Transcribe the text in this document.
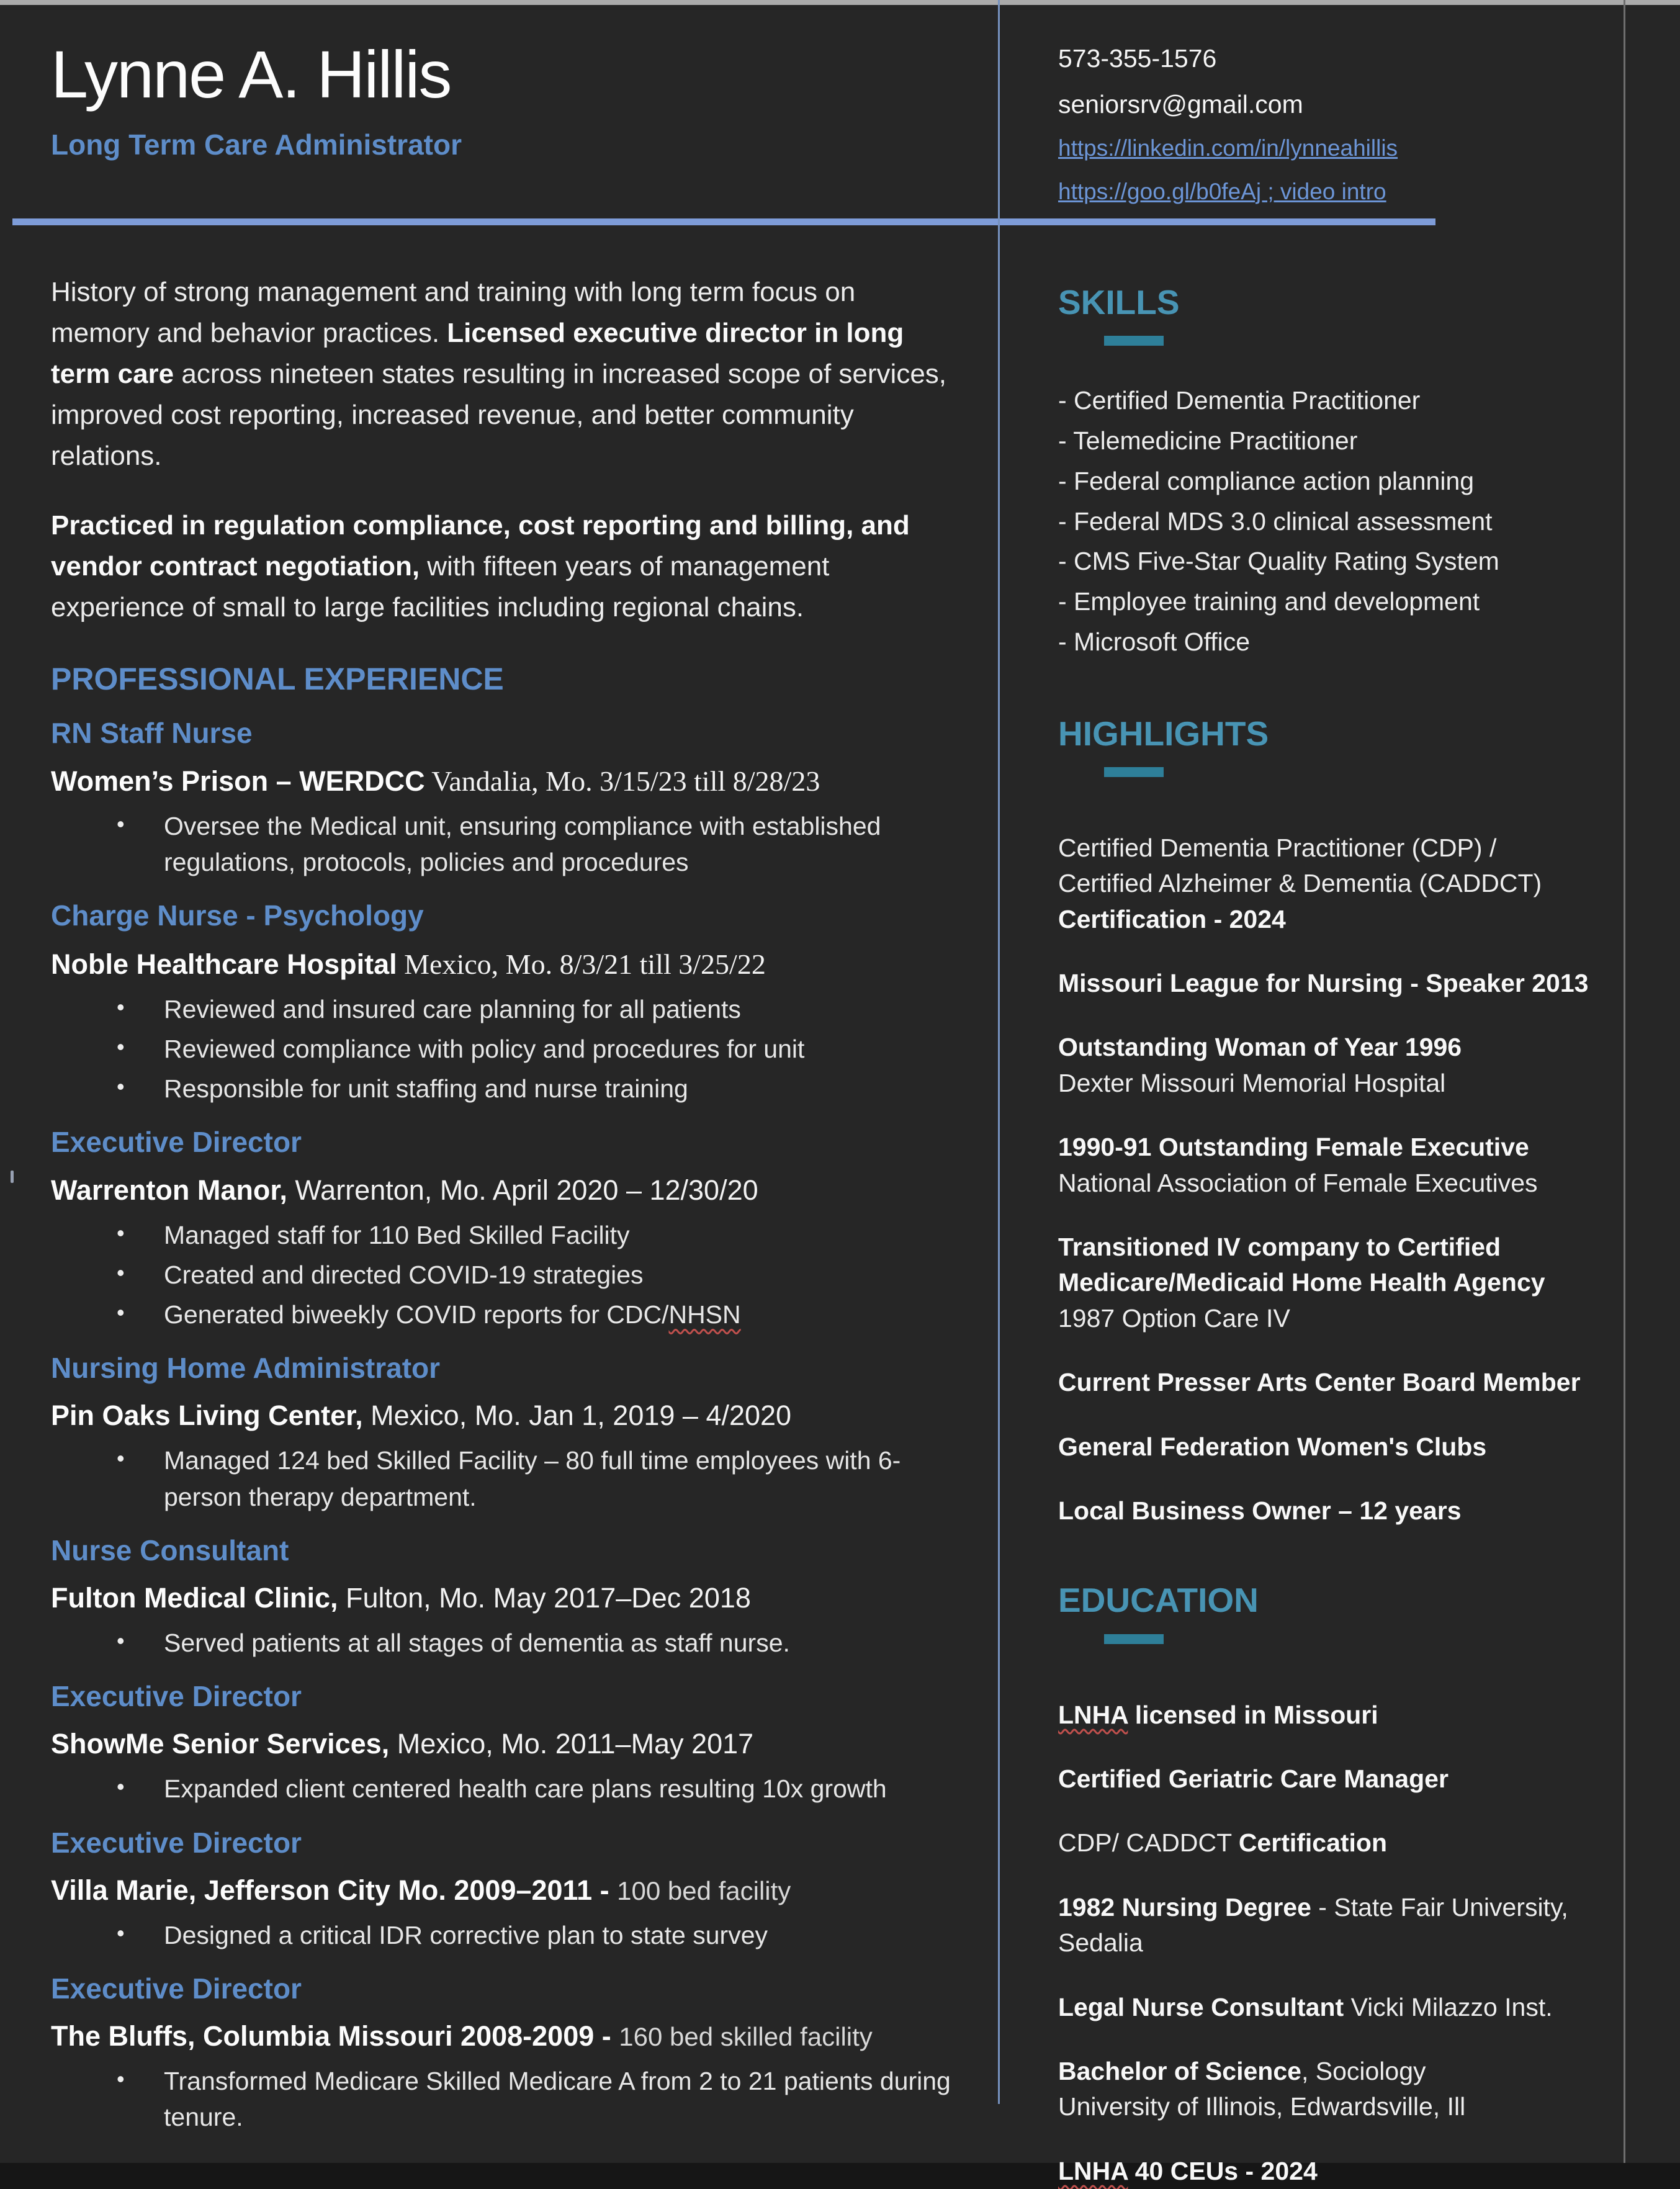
Lynne A. Hillis
Long Term Care Administrator
573-355-1576
seniorsrv@gmail.com
https://linkedin.com/in/lynneahillis
https://goo.gl/b0feAj ; video intro

History of strong management and training with long term focus on memory and behavior practices. Licensed executive director in long term care across nineteen states resulting in increased scope of services, improved cost reporting, increased revenue, and better community relations.

Practiced in regulation compliance, cost reporting and billing, and vendor contract negotiation, with fifteen years of management experience of small to large facilities including regional chains.

PROFESSIONAL EXPERIENCE
RN Staff Nurse
Women’s Prison – WERDCC Vandalia, Mo. 3/15/23 till 8/28/23
•	Oversee the Medical unit, ensuring compliance with established regulations, protocols, policies and procedures
Charge Nurse - Psychology
Noble Healthcare Hospital Mexico, Mo. 8/3/21 till 3/25/22
•	Reviewed and insured care planning for all patients
•	Reviewed compliance with policy and procedures for unit
•	Responsible for unit staffing and nurse training
Executive Director
Warrenton Manor, Warrenton, Mo. April 2020 – 12/30/20
•	Managed staff for 110 Bed Skilled Facility
•	Created and directed COVID-19 strategies
•	Generated biweekly COVID reports for CDC/NHSN
Nursing Home Administrator
Pin Oaks Living Center, Mexico, Mo. Jan 1, 2019 – 4/2020
•	Managed 124 bed Skilled Facility – 80 full time employees with 6-person therapy department.
Nurse Consultant
Fulton Medical Clinic, Fulton, Mo. May 2017–Dec 2018
•	Served patients at all stages of dementia as staff nurse.
Executive Director
ShowMe Senior Services, Mexico, Mo. 2011–May 2017
•	Expanded client centered health care plans resulting 10x growth
Executive Director
Villa Marie, Jefferson City Mo. 2009–2011 - 100 bed facility
•	Designed a critical IDR corrective plan to state survey
Executive Director
The Bluffs, Columbia Missouri 2008-2009 - 160 bed skilled facility
•	Transformed Medicare Skilled Medicare A from 2 to 21 patients during tenure.
SKILLS
- Certified Dementia Practitioner
- Telemedicine Practitioner
- Federal compliance action planning
- Federal MDS 3.0 clinical assessment
- CMS Five-Star Quality Rating System
- Employee training and development
- Microsoft Office
HIGHLIGHTS
Certified Dementia Practitioner (CDP) /
Certified Alzheimer & Dementia (CADDCT)
Certification - 2024
Missouri League for Nursing - Speaker 2013
Outstanding Woman of Year 1996
Dexter Missouri Memorial Hospital
1990-91 Outstanding Female Executive
National Association of Female Executives
Transitioned IV company to Certified Medicare/Medicaid Home Health Agency
1987 Option Care IV
Current Presser Arts Center Board Member
General Federation Women's Clubs
Local Business Owner – 12 years
EDUCATION
LNHA licensed in Missouri
Certified Geriatric Care Manager
CDP/ CADDCT Certification
1982 Nursing Degree - State Fair University, Sedalia
Legal Nurse Consultant Vicki Milazzo Inst.
Bachelor of Science, Sociology
University of Illinois, Edwardsville, Ill
LNHA 40 CEUs - 2024
